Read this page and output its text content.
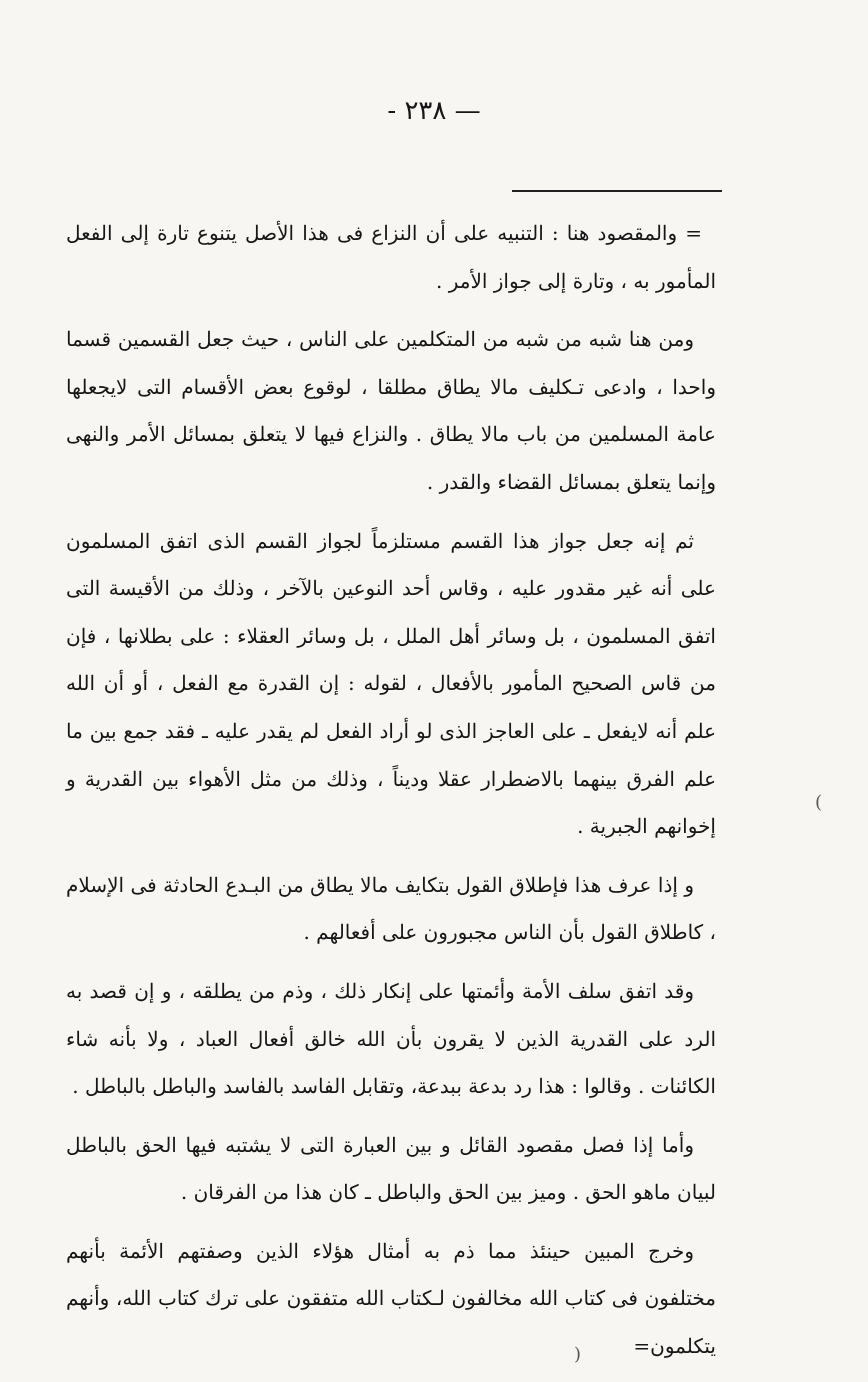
— ٢٣٨ -

= والمقصود هنا : التنبيه على أن النزاع فى هذا الأصل يتنوع تارة إلى الفعل المأمور به ، وتارة إلى جواز الأمر .

ومن هنا شبه من شبه من المتكلمين على الناس ، حيث جعل القسمين قسما واحدا ، وادعى تـكليف مالا يطاق مطلقا ، لوقوع بعض الأقسام التى لايجعلها عامة المسلمين من باب مالا يطاق . والنزاع فيها لا يتعلق بمسائل الأمر والنهى وإنما يتعلق بمسائل القضاء والقدر .

ثم إنه جعل جواز هذا القسم مستلزماً لجواز القسم الذى اتفق المسلمون على أنه غير مقدور عليه ، وقاس أحد النوعين بالآخر ، وذلك من الأقيسة التى اتفق المسلمون ، بل وسائر أهل الملل ، بل وسائر العقلاء : على بطلانها ، فإن من قاس الصحيح المأمور بالأفعال ، لقوله : إن القدرة مع الفعل ، أو أن الله علم أنه لايفعل ـ على العاجز الذى لو أراد الفعل لم يقدر عليه ـ فقد جمع بين ما علم الفرق بينهما بالاضطرار عقلا وديناً ، وذلك من مثل الأهواء بين القدرية و إخوانهم الجبرية .

و إذا عرف هذا فإطلاق القول بتكايف مالا يطاق من البـدع الحادثة فى الإسلام ، كاطلاق القول بأن الناس مجبورون على أفعالهم .

وقد اتفق سلف الأمة وأئمتها على إنكار ذلك ، وذم من يطلقه ، و إن قصد به الرد على القدرية الذين لا يقرون بأن الله خالق أفعال العباد ، ولا بأنه شاء الكائنات . وقالوا : هذا رد بدعة ببدعة، وتقابل الفاسد بالفاسد والباطل بالباطل .

وأما إذا فصل مقصود القائل و بين العبارة التى لا يشتبه فيها الحق بالباطل لبيان ماهو الحق . وميز بين الحق والباطل ـ كان هذا من الفرقان .

وخرج المبين حينئذ مما ذم به أمثال هؤلاء الذين وصفتهم الأئمة بأنهم مختلفون فى كتاب الله مخالفون لـكتاب الله متفقون على ترك كتاب الله، وأنهم يتكلمون=

(
)
